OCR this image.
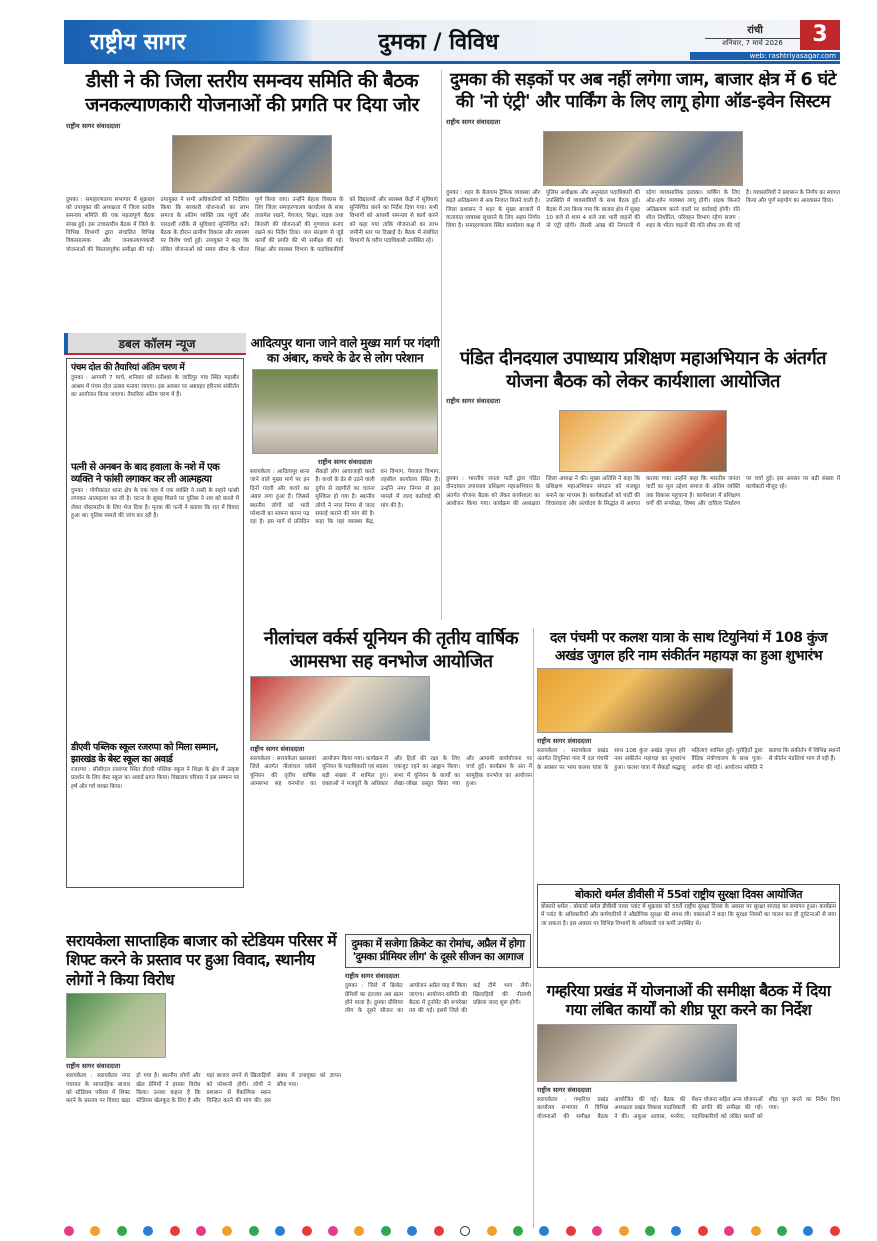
राष्ट्रीय सागर	दुमका / विविध	रांची
शनिवार, 7 मार्च 2026	3
web: rashtriyasagar.com
डीसी ने की जिला स्तरीय समन्वय समिति की बैठक जनकल्याणकारी योजनाओं की प्रगति पर दिया जोर
राष्ट्रीय सागर संवाददाता
दुमका : समाहरणालय सभागार में शुक्रवार को उपायुक्त की अध्यक्षता में जिला स्तरीय समन्वय समिति की एक महत्वपूर्ण बैठक संपन्न हुई। इस उच्चस्तरीय बैठक में जिले के विभिन्न विभागों द्वारा संचालित विभिन्न विकासात्मक और जनकल्याणकारी योजनाओं की विस्तारपूर्वक समीक्षा की गई। उपायुक्त ने सभी अधिकारियों को निर्देशित किया कि सरकारी योजनाओं का लाभ समाज के अंतिम व्यक्ति तक पहुंचे और पारदर्शी तरीके से सुविधाएं सुनिश्चित करें। बैठक के दौरान ग्रामीण विकास और स्वास्थ्य पर विशेष चर्चा हुई। उपायुक्त ने कहा कि लंबित योजनाओं को समय सीमा के भीतर पूर्ण किया जाए। उन्होंने बेहतर विकास के लिए जिला समाहरणालय कार्यालय के साथ तालमेल रखने, पेयजल, शिक्षा, सड़क तथा बिजली की योजनाओं की गुणवत्ता बनाए रखने का निर्देश दिया। जल संरक्षण से जुड़े कार्यों की प्रगति की भी समीक्षा की गई। शिक्षा और स्वास्थ्य विभाग के पदाधिकारियों को विद्यालयों और स्वास्थ्य केंद्रों में सुविधाएं सुनिश्चित करने का निर्देश दिया गया। सभी विभागों को आपसी समन्वय से कार्य करने को कहा गया ताकि योजनाओं का लाभ जमीनी स्तर पर दिखाई दे। बैठक में संबंधित विभागों के वरीय पदाधिकारी उपस्थित रहे।
दुमका की सड़कों पर अब नहीं लगेगा जाम, बाजार क्षेत्र में 6 घंटे की 'नो एंट्री' और पार्किंग के लिए लागू होगा ऑड-इवेन सिस्टम
राष्ट्रीय सागर संवाददाता
दुमका : शहर के बेलगाम ट्रैफिक व्यवस्था और बढ़ते अतिक्रमण से अब निजात मिलने वाली है। जिला प्रशासन ने शहर के मुख्य बाजारों में यातायात व्यवस्था सुधारने के लिए अहम निर्णय लिया है। समाहरणालय स्थित कार्यालय कक्ष में पुलिस अधीक्षक और अनुमंडल पदाधिकारी की उपस्थिति में व्यवसायियों के साथ बैठक हुई। बैठक में तय किया गया कि बाजार क्षेत्र में सुबह 10 बजे से शाम 4 बजे तक भारी वाहनों की नो एंट्री रहेगी। तीसरी आंख की निगरानी में रहेगा व्यावसायिक इलाका। पार्किंग के लिए ऑड-इवेन व्यवस्था लागू होगी। सड़क किनारे अतिक्रमण करने वालों पर कार्रवाई होगी। रति शील निर्धारित, परिवहन विभाग रहेगा सजग : शहर के भीतर वाहनों की गति सीमा तय की गई है। व्यवसायियों ने प्रशासन के निर्णय का स्वागत किया और पूर्ण सहयोग का आश्वासन दिया।
डबल कॉलम न्यूज
पंचम दोल की तैयारियां अंतिम चरण में
दुमका : आगामी 7 मार्च, शनिवार को रानीश्वर के जादिपुर गांव स्थित महाबीर आश्रम में पंचम दोल उत्सव मनाया जाएगा। इस अवसर पर अष्टप्रहर हरिनाम संकीर्तन का आयोजन किया जाएगा। तैयारियां अंतिम चरण में हैं।
पत्नी से अनबन के बाद हवाला के नशे में एक व्यक्ति ने फांसी लगाकर कर ली आत्महत्या
दुमका : गोपीकांदर थाना क्षेत्र के एक गांव में एक व्यक्ति ने रस्सी के सहारे फांसी लगाकर आत्महत्या कर ली है। घटना के सुबह मिलने पर पुलिस ने शव को कब्जे में लेकर पोस्टमार्टम के लिए भेज दिया है। मृतक की पत्नी ने बताया कि रात में विवाद हुआ था। पुलिस मामले की जांच कर रही है।
डीएवी पब्लिक स्कूल रजरप्पा को मिला सम्मान, झारखंड के बेस्ट स्कूल का अवार्ड
रजरप्पा : सीसीएल रजरप्पा स्थित डीएवी पब्लिक स्कूल ने शिक्षा के क्षेत्र में उत्कृष्ट प्रदर्शन के लिए बेस्ट स्कूल का अवार्ड प्राप्त किया। विद्यालय परिवार ने इस सम्मान पर हर्ष और गर्व व्यक्त किया।
आदित्यपुर थाना जाने वाले मुख्य मार्ग पर गंदगी का अंबार, कचरे के ढेर से लोग परेशान
राष्ट्रीय सागर संवाददाता
सरायकेला : आदित्यपुर थाना जाने वाले मुख्य मार्ग पर इन दिनों गंदगी और कचरे का अंबार लगा हुआ है। जिससे स्थानीय लोगों को भारी परेशानी का सामना करना पड़ रहा है। इस मार्ग से प्रतिदिन सैकड़ों लोग आवाजाही करते हैं। कचरे के ढेर से उठने वाली दुर्गंध से राहगीरों का चलना मुश्किल हो गया है। स्थानीय लोगों ने नगर निगम से जल्द सफाई कराने की मांग की है। कहा कि यहां स्वास्थ्य केंद्र, वन विभाग, पेयजल विभाग, तहसील कार्यालय स्थित हैं। उन्होंने नगर निगम से इस मामले में जल्द कार्रवाई की मांग की है।
पंडित दीनदयाल उपाध्याय प्रशिक्षण महाअभियान के अंतर्गत योजना बैठक को लेकर कार्यशाला आयोजित
राष्ट्रीय सागर संवाददाता
दुमका : भारतीय जनता पार्टी द्वारा पंडित दीनदयाल उपाध्याय प्रशिक्षण महाअभियान के अंतर्गत योजना बैठक को लेकर कार्यशाला का आयोजन किया गया। कार्यक्रम की अध्यक्षता जिला अध्यक्ष ने की। मुख्य अतिथि ने कहा कि प्रशिक्षण महाअभियान संगठन को मजबूत बनाने का माध्यम है। कार्यकर्ताओं को पार्टी की विचारधारा और अंत्योदय के सिद्धांत से अवगत कराया गया। उन्होंने कहा कि भारतीय जनता पार्टी का मूल उद्देश्य समाज के अंतिम व्यक्ति तक विकास पहुंचाना है। कार्यशाला में प्रशिक्षण वर्गों की रूपरेखा, विषय और दायित्व निर्धारण पर चर्चा हुई। इस अवसर पर बड़ी संख्या में कार्यकर्ता मौजूद रहे।
नीलांचल वर्कर्स यूनियन की तृतीय वार्षिक आमसभा सह वनभोज आयोजित
राष्ट्रीय सागर संवाददाता
सरायकेला : सरायकेला खरसावां जिले अंतर्गत नीलांचल वर्कर्स यूनियन की तृतीय वार्षिक आमसभा सह वनभोज का आयोजन किया गया। कार्यक्रम में यूनियन के पदाधिकारी एवं सदस्य बड़ी संख्या में शामिल हुए। वक्ताओं ने मजदूरों के अधिकार और हितों की रक्षा के लिए एकजुट रहने का आह्वान किया। सभा में यूनियन के कार्यों का लेखा-जोखा प्रस्तुत किया गया और आगामी कार्ययोजना पर चर्चा हुई। कार्यक्रम के अंत में सामूहिक वनभोज का आयोजन हुआ।
दल पंचमी पर कलश यात्रा के साथ टियुनियां में 108 कुंज अखंड जुगल हरि नाम संकीर्तन महायज्ञ का हुआ शुभारंभ
राष्ट्रीय सागर संवाददाता
सरायकेला : सरायकेला प्रखंड अंतर्गत टियुनियां गांव में दल पंचमी के अवसर पर भव्य कलश यात्रा के साथ 108 कुंज अखंड जुगल हरि नाम संकीर्तन महायज्ञ का शुभारंभ हुआ। कलश यात्रा में सैकड़ों श्रद्धालु महिलाएं शामिल हुईं। पुरोहितों द्वारा वैदिक मंत्रोच्चारण के साथ पूजा-अर्चना की गई। आयोजन समिति ने बताया कि संकीर्तन में विभिन्न स्थानों से कीर्तन मंडलियां भाग ले रही हैं।
बोकारो थर्मल डीवीसी में 55वां राष्ट्रीय सुरक्षा दिवस आयोजित
बोकारो थर्मल : बोकारो थर्मल डीवीसी पावर प्लांट में शुक्रवार को 55वें राष्ट्रीय सुरक्षा दिवस के अवसर पर सुरक्षा सप्ताह का समापन हुआ। कार्यक्रम में प्लांट के अधिकारियों और कर्मचारियों ने औद्योगिक सुरक्षा की शपथ ली। वक्ताओं ने कहा कि सुरक्षा नियमों का पालन कर ही दुर्घटनाओं से बचा जा सकता है। इस अवसर पर विभिन्न विभागों के अधिकारी एवं कर्मी उपस्थित थे।
सरायकेला साप्ताहिक बाजार को स्टेडियम परिसर में शिफ्ट करने के प्रस्ताव पर हुआ विवाद, स्थानीय लोगों ने किया विरोध
राष्ट्रीय सागर संवाददाता
सरायकेला : सरायकेला नगर पंचायत के साप्ताहिक बाजार को स्टेडियम परिसर में शिफ्ट करने के प्रस्ताव पर विवाद खड़ा हो गया है। स्थानीय लोगों और खेल प्रेमियों ने इसका विरोध किया। उनका कहना है कि स्टेडियम खेलकूद के लिए है और यहां बाजार लगने से खिलाड़ियों को परेशानी होगी। लोगों ने प्रशासन से वैकल्पिक स्थान चिन्हित करने की मांग की। इस संबंध में उपायुक्त को ज्ञापन सौंपा गया।
दुमका में सजेगा क्रिकेट का रोमांच, अप्रैल में होगा 'दुमका प्रीमियर लीग' के दूसरे सीजन का आगाज
राष्ट्रीय सागर संवाददाता
दुमका : जिले में क्रिकेट प्रेमियों का इंतजार अब खत्म होने वाला है। दुमका प्रीमियर लीग के दूसरे सीजन का आयोजन अप्रैल माह में किया जाएगा। आयोजन समिति की बैठक में टूर्नामेंट की रूपरेखा तय की गई। इसमें जिले की कई टीमें भाग लेंगी। खिलाड़ियों की नीलामी प्रक्रिया जल्द शुरू होगी।
गम्हरिया प्रखंड में योजनाओं की समीक्षा बैठक में दिया गया लंबित कार्यों को शीघ्र पूरा करने का निर्देश
राष्ट्रीय सागर संवाददाता
सरायकेला : गम्हरिया प्रखंड कार्यालय सभागार में विभिन्न योजनाओं की समीक्षा बैठक आयोजित की गई। बैठक की अध्यक्षता प्रखंड विकास पदाधिकारी ने की। अबुआ आवास, मनरेगा, पेंशन योजना सहित अन्य योजनाओं की प्रगति की समीक्षा की गई। पदाधिकारियों को लंबित कार्यों को शीघ्र पूरा करने का निर्देश दिया गया।
